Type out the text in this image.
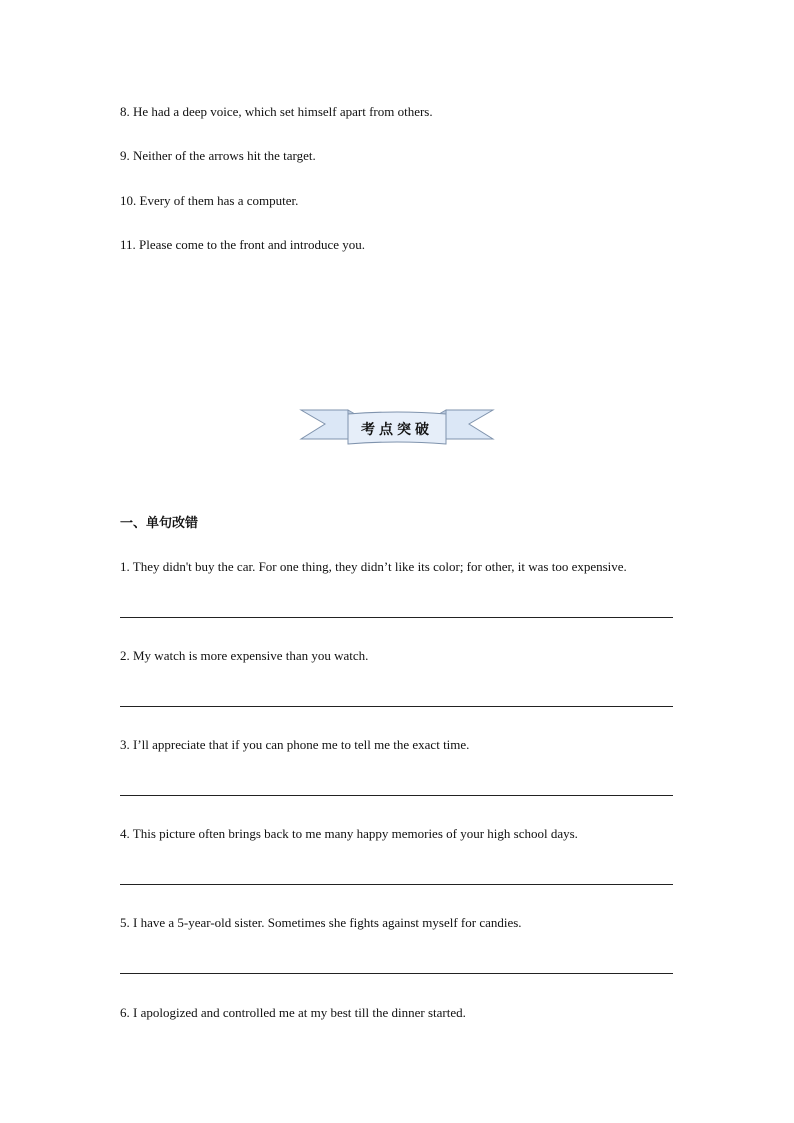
8. He had a deep voice, which set himself apart from others.
9. Neither of the arrows hit the target.
10. Every of them has a computer.
11. Please come to the front and introduce you.
考点突破
一、单句改错
1. They didn't buy the car. For one thing, they didn’t like its color; for other, it was too expensive.
2. My watch is more expensive than you watch.
3. I’ll appreciate that if you can phone me to tell me the exact time.
4. This picture often brings back to me many happy memories of your high school days.
5. I have a 5-year-old sister. Sometimes she fights against myself for candies.
6. I apologized and controlled me at my best till the dinner started.
